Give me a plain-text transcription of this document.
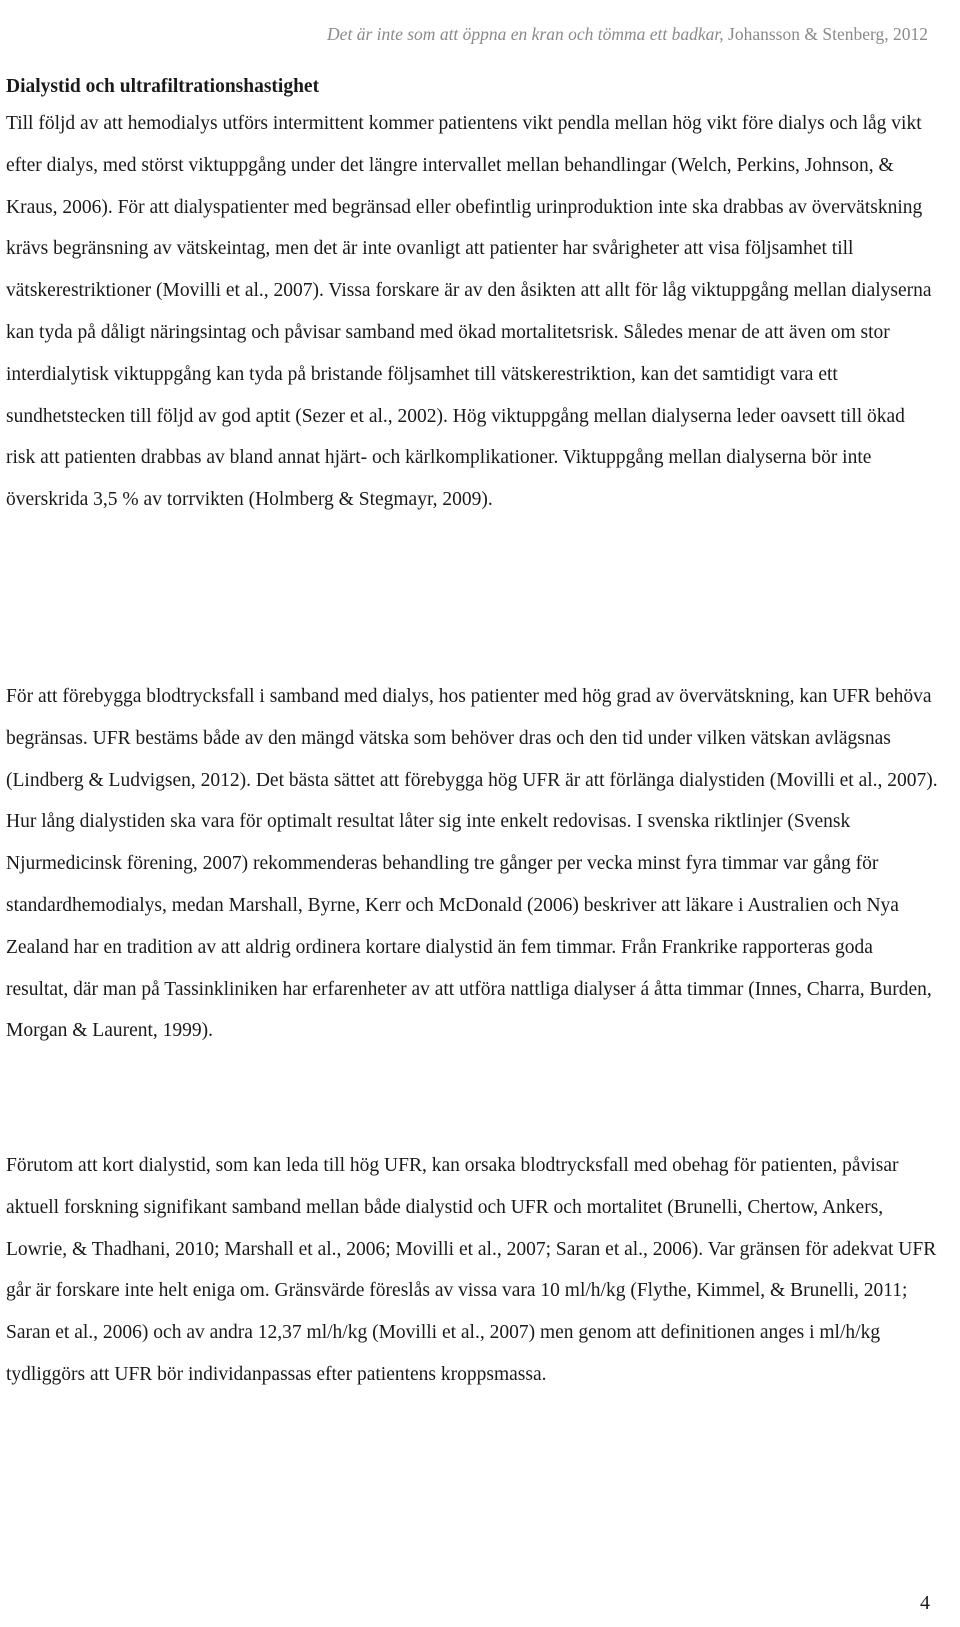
Det är inte som att öppna en kran och tömma ett badkar, Johansson & Stenberg, 2012
Dialystid och ultrafiltrationshastighet

Till följd av att hemodialys utförs intermittent kommer patientens vikt pendla mellan hög vikt före dialys och låg vikt efter dialys, med störst viktuppgång under det längre intervallet mellan behandlingar (Welch, Perkins, Johnson, & Kraus, 2006). För att dialyspatienter med begränsad eller obefintlig urinproduktion inte ska drabbas av övervätskning krävs begränsning av vätskeintag, men det är inte ovanligt att patienter har svårigheter att visa följsamhet till vätskerestriktioner (Movilli et al., 2007). Vissa forskare är av den åsikten att allt för låg viktuppgång mellan dialyserna kan tyda på dåligt näringsintag och påvisar samband med ökad mortalitetsrisk. Således menar de att även om stor interdialytisk viktuppgång kan tyda på bristande följsamhet till vätskerestriktion, kan det samtidigt vara ett sundhetstecken till följd av god aptit (Sezer et al., 2002). Hög viktuppgång mellan dialyserna leder oavsett till ökad risk att patienten drabbas av bland annat hjärt- och kärlkomplikationer. Viktuppgång mellan dialyserna bör inte överskrida 3,5 % av torrvikten (Holmberg & Stegmayr, 2009).

För att förebygga blodtrycksfall i samband med dialys, hos patienter med hög grad av övervätskning, kan UFR behöva begränsas. UFR bestäms både av den mängd vätska som behöver dras och den tid under vilken vätskan avlägsnas (Lindberg & Ludvigsen, 2012). Det bästa sättet att förebygga hög UFR är att förlänga dialystiden (Movilli et al., 2007). Hur lång dialystiden ska vara för optimalt resultat låter sig inte enkelt redovisas. I svenska riktlinjer (Svensk Njurmedicinsk förening, 2007) rekommenderas behandling tre gånger per vecka minst fyra timmar var gång för standardhemodialys, medan Marshall, Byrne, Kerr och McDonald (2006) beskriver att läkare i Australien och Nya Zealand har en tradition av att aldrig ordinera kortare dialystid än fem timmar. Från Frankrike rapporteras goda resultat, där man på Tassinkliniken har erfarenheter av att utföra nattliga dialyser á åtta timmar (Innes, Charra, Burden, Morgan & Laurent, 1999).

Förutom att kort dialystid, som kan leda till hög UFR, kan orsaka blodtrycksfall med obehag för patienten, påvisar aktuell forskning signifikant samband mellan både dialystid och UFR och mortalitet (Brunelli, Chertow, Ankers, Lowrie, & Thadhani, 2010; Marshall et al., 2006; Movilli et al., 2007; Saran et al., 2006). Var gränsen för adekvat UFR går är forskare inte helt eniga om. Gränsvärde föreslås av vissa vara 10 ml/h/kg (Flythe, Kimmel, & Brunelli, 2011; Saran et al., 2006) och av andra 12,37 ml/h/kg (Movilli et al., 2007) men genom att definitionen anges i ml/h/kg tydliggörs att UFR bör individanpassas efter patientens kroppsmassa.

4
